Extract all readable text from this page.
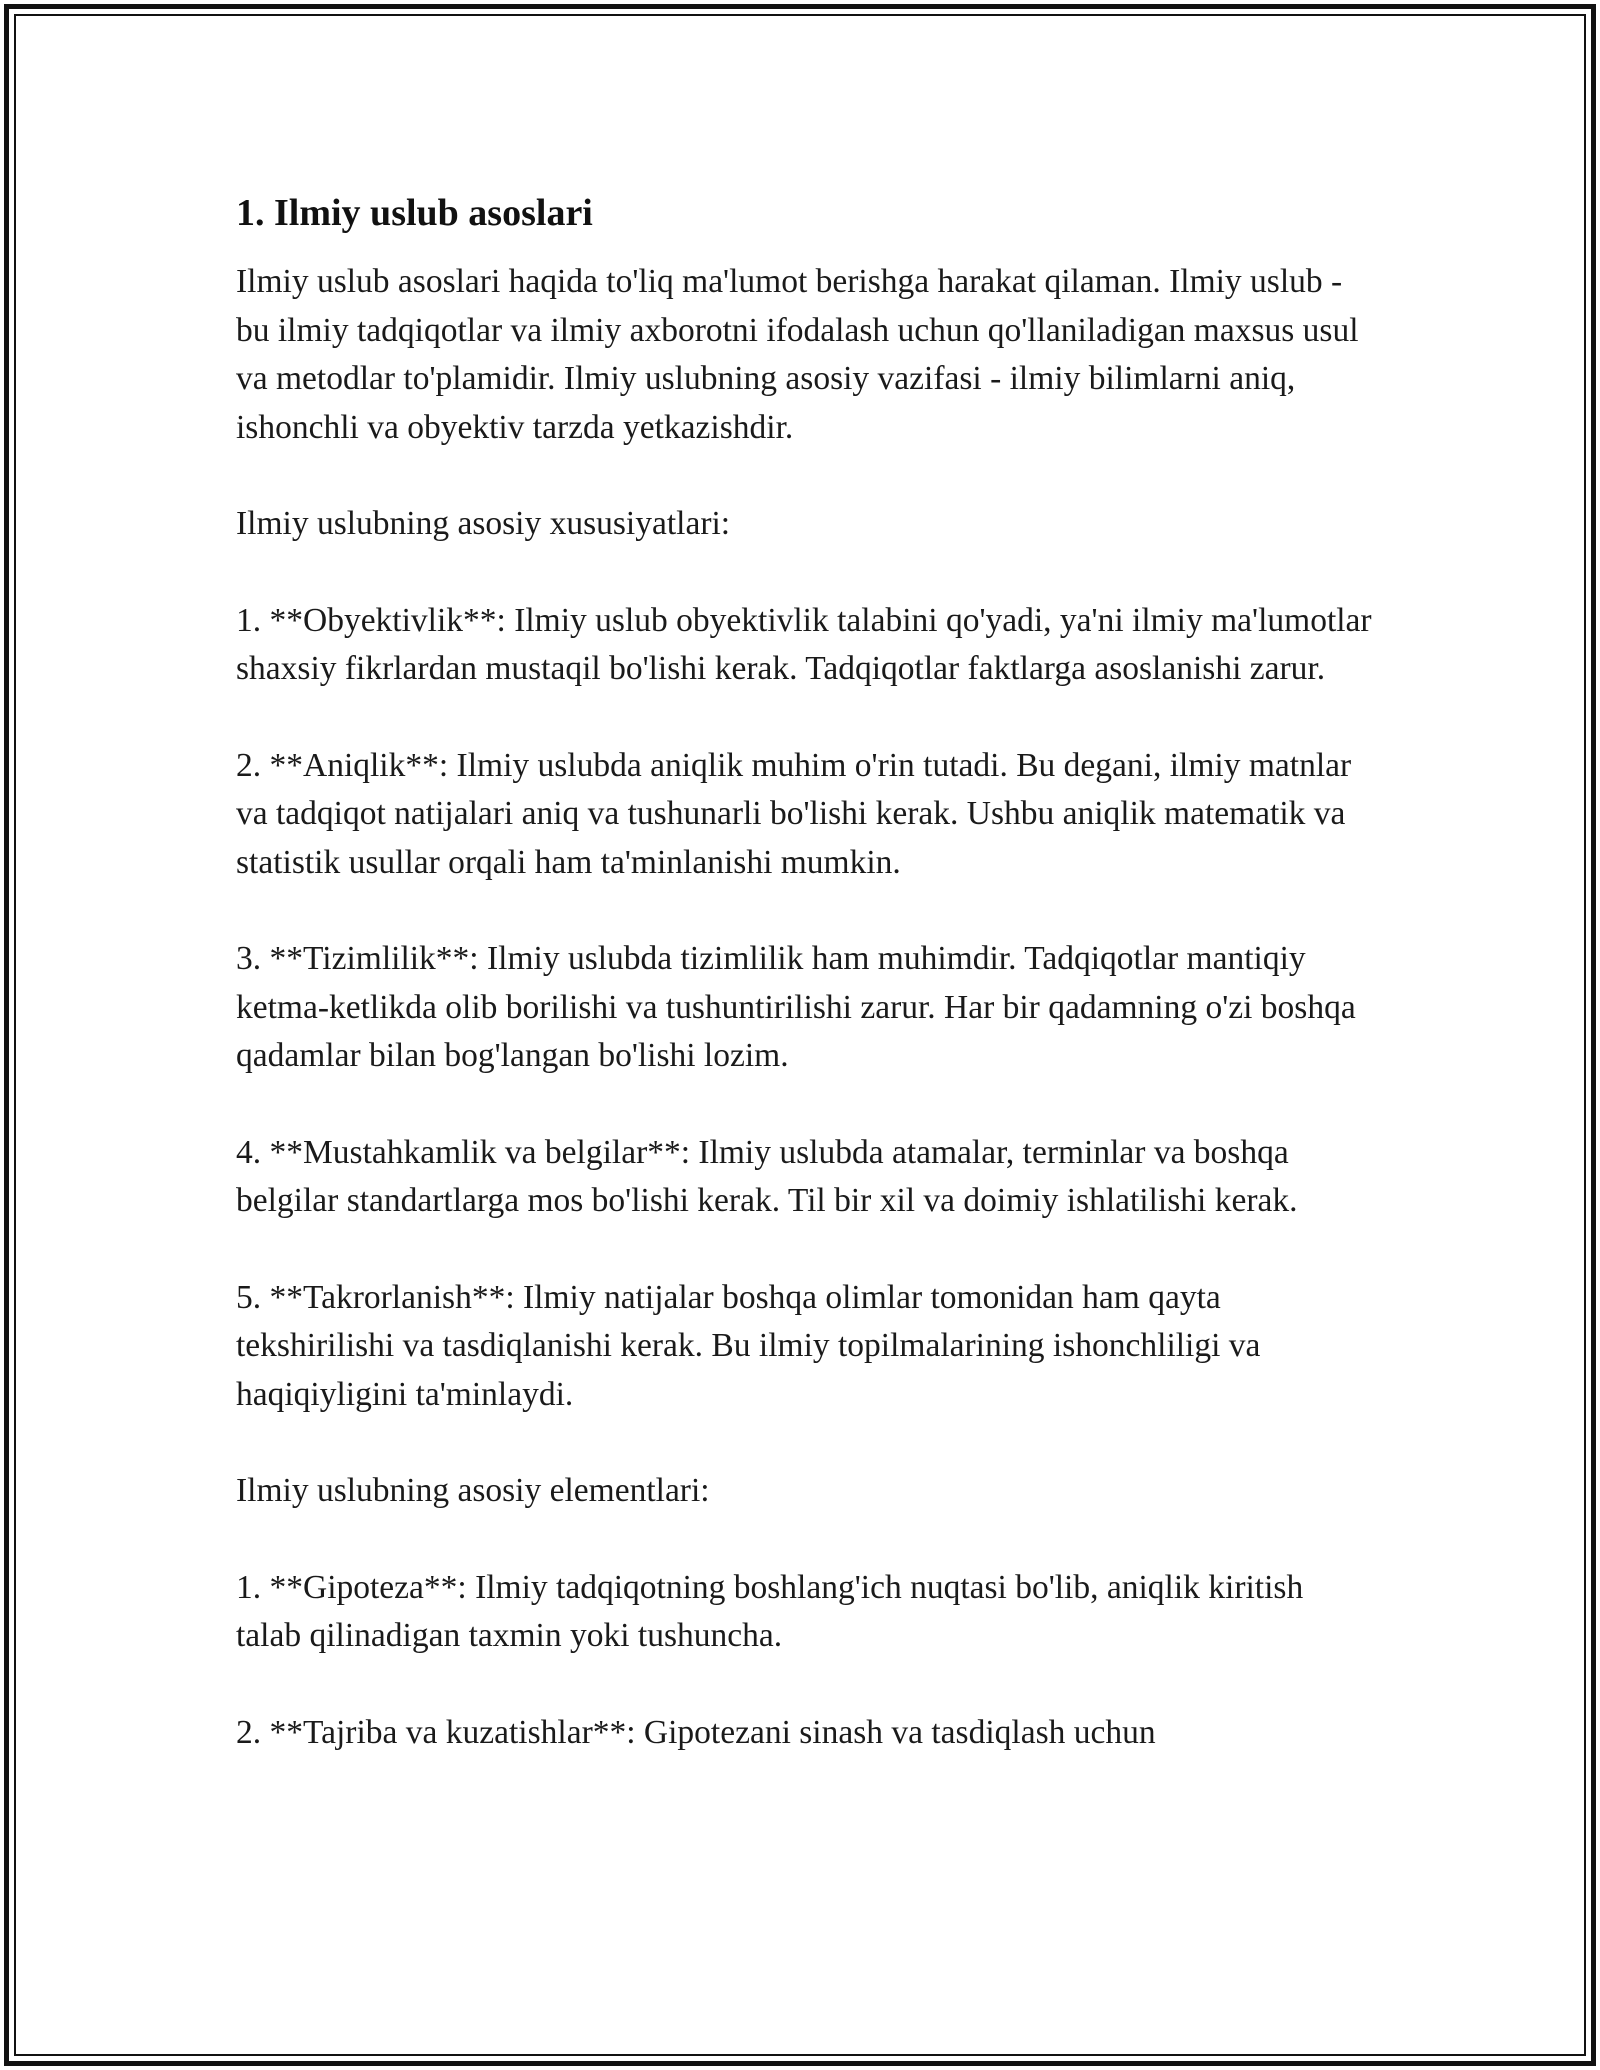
1. Ilmiy uslub asoslari

Ilmiy uslub asoslari haqida to'liq ma'lumot berishga harakat qilaman. Ilmiy uslub - bu ilmiy tadqiqotlar va ilmiy axborotni ifodalash uchun qo'llaniladigan maxsus usul va metodlar to'plamidir. Ilmiy uslubning asosiy vazifasi - ilmiy bilimlarni aniq, ishonchli va obyektiv tarzda yetkazishdir.

Ilmiy uslubning asosiy xususiyatlari:

1. **Obyektivlik**: Ilmiy uslub obyektivlik talabini qo'yadi, ya'ni ilmiy ma'lumotlar shaxsiy fikrlardan mustaqil bo'lishi kerak. Tadqiqotlar faktlarga asoslanishi zarur.

2. **Aniqlik**: Ilmiy uslubda aniqlik muhim o'rin tutadi. Bu degani, ilmiy matnlar va tadqiqot natijalari aniq va tushunarli bo'lishi kerak. Ushbu aniqlik matematik va statistik usullar orqali ham ta'minlanishi mumkin.

3. **Tizimlilik**: Ilmiy uslubda tizimlilik ham muhimdir. Tadqiqotlar mantiqiy ketma-ketlikda olib borilishi va tushuntirilishi zarur. Har bir qadamning o'zi boshqa qadamlar bilan bog'langan bo'lishi lozim.

4. **Mustahkamlik va belgilar**: Ilmiy uslubda atamalar, terminlar va boshqa belgilar standartlarga mos bo'lishi kerak. Til bir xil va doimiy ishlatilishi kerak.

5. **Takrorlanish**: Ilmiy natijalar boshqa olimlar tomonidan ham qayta tekshirilishi va tasdiqlanishi kerak. Bu ilmiy topilmalarining ishonchliligi va haqiqiyligini ta'minlaydi.

Ilmiy uslubning asosiy elementlari:

1. **Gipoteza**: Ilmiy tadqiqotning boshlang'ich nuqtasi bo'lib, aniqlik kiritish talab qilinadigan taxmin yoki tushuncha.

2. **Tajriba va kuzatishlar**: Gipotezani sinash va tasdiqlash uchun
